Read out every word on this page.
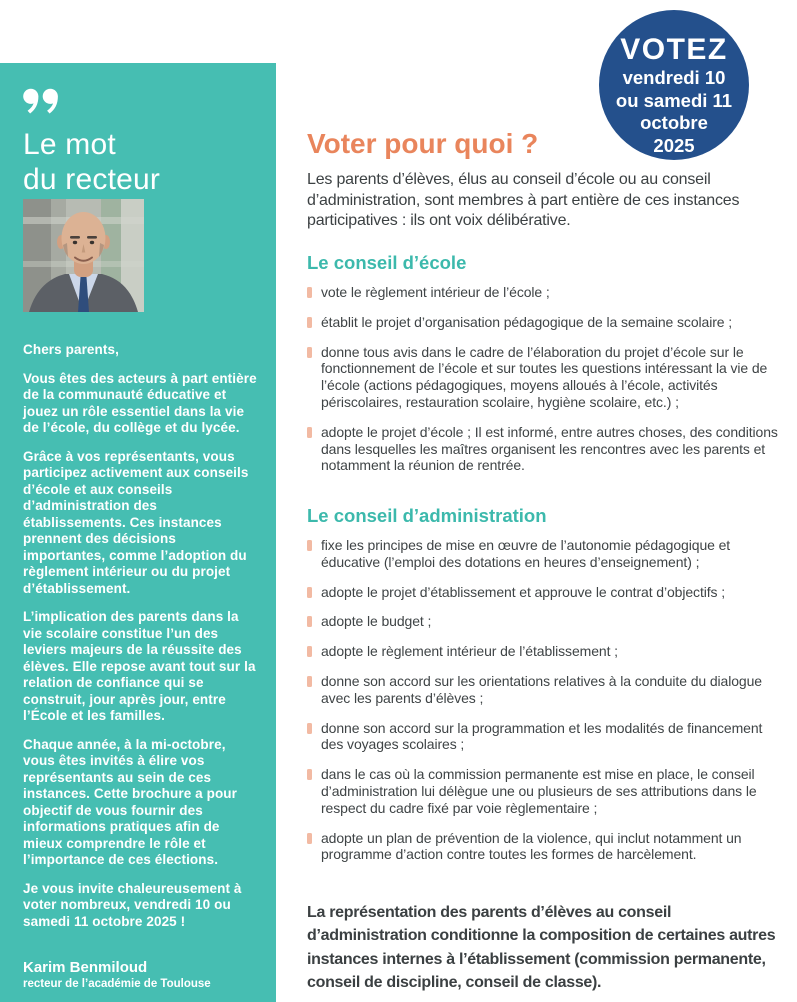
Le mot
du recteur

Chers parents,

Vous êtes des acteurs à part entière de la communauté éducative et jouez un rôle essentiel dans la vie de l’école, du collège et du lycée.

Grâce à vos représentants, vous participez activement aux conseils d’école et aux conseils d’administration des établissements. Ces instances prennent des décisions importantes, comme l’adoption du règlement intérieur ou du projet d’établissement.

L’implication des parents dans la vie scolaire constitue l’un des leviers majeurs de la réussite des élèves. Elle repose avant tout sur la relation de confiance qui se construit, jour après jour, entre l’École et les familles.

Chaque année, à la mi-octobre, vous êtes invités à élire vos représentants au sein de ces instances. Cette brochure a pour objectif de vous fournir des informations pratiques afin de mieux comprendre le rôle et l’importance de ces élections.

Je vous invite chaleureusement à voter nombreux, vendredi 10 ou samedi 11 octobre 2025 !

Karim Benmiloud
recteur de l’académie de Toulouse
VOTEZ
vendredi 10
ou samedi 11
octobre
2025
Voter pour quoi ?

Les parents d’élèves, élus au conseil d’école ou au conseil d’administration, sont membres à part entière de ces instances participatives : ils ont voix délibérative.

Le conseil d’école
vote le règlement intérieur de l’école ;
établit le projet d’organisation pédagogique de la semaine scolaire ;
donne tous avis dans le cadre de l’élaboration du projet d’école sur le fonctionnement de l’école et sur toutes les questions intéressant la vie de l’école (actions pédagogiques, moyens alloués à l’école, activités périscolaires, restauration scolaire, hygiène scolaire, etc.) ;
adopte le projet d’école ; Il est informé, entre autres choses, des conditions dans lesquelles les maîtres organisent les rencontres avec les parents et notamment la réunion de rentrée.
Le conseil d’administration
fixe les principes de mise en œuvre de l’autonomie pédagogique et éducative (l’emploi des dotations en heures d’enseignement) ;
adopte le projet d’établissement et approuve le contrat d’objectifs ;
adopte le budget ;
adopte le règlement intérieur de l’établissement ;
donne son accord sur les orientations relatives à la conduite du dialogue avec les parents d’élèves ;
donne son accord sur la programmation et les modalités de financement des voyages scolaires ;
dans le cas où la commission permanente est mise en place, le conseil d’administration lui délègue une ou plusieurs de ses attributions dans le respect du cadre fixé par voie règlementaire ;
adopte un plan de prévention de la violence, qui inclut notamment un programme d’action contre toutes les formes de harcèlement.

La représentation des parents d’élèves au conseil d’administration conditionne la composition de certaines autres instances internes à l’établissement (commission permanente, conseil de discipline, conseil de classe).
